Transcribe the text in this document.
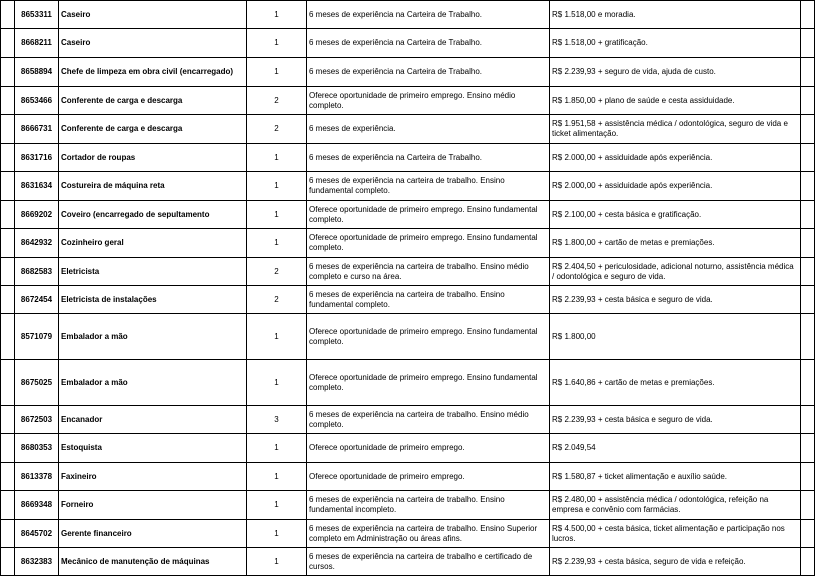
	8653311	Caseiro	1	6 meses de experiência na Carteira de Trabalho.	R$ 1.518,00 e moradia.	
	8668211	Caseiro	1	6 meses de experiência na Carteira de Trabalho.	R$ 1.518,00 + gratificação.	
	8658894	Chefe de limpeza em obra civil (encarregado)	1	6 meses de experiência na Carteira de Trabalho.	R$ 2.239,93 + seguro de vida, ajuda de custo.	
	8653466	Conferente de carga e descarga	2	Oferece oportunidade de primeiro emprego. Ensino médio completo.	R$ 1.850,00 + plano de saúde e cesta assiduidade.	
	8666731	Conferente de carga e descarga	2	6 meses de experiência.	R$ 1.951,58 + assistência médica / odontológica, seguro de vida e ticket alimentação.	
	8631716	Cortador de roupas	1	6 meses de experiência na Carteira de Trabalho.	R$ 2.000,00 + assiduidade após experiência.	
	8631634	Costureira de máquina reta	1	6 meses de experiência na carteira de trabalho. Ensino fundamental completo.	R$ 2.000,00 + assiduidade após experiência.	
	8669202	Coveiro (encarregado de sepultamento	1	Oferece oportunidade de primeiro emprego. Ensino fundamental completo.	R$ 2.100,00 + cesta básica e gratificação.	
	8642932	Cozinheiro geral	1	Oferece oportunidade de primeiro emprego. Ensino fundamental completo.	R$ 1.800,00 + cartão de metas e premiações.	
	8682583	Eletricista	2	6 meses de experiência na carteira de trabalho. Ensino médio completo e curso na área.	R$ 2.404,50 + periculosidade, adicional noturno, assistência médica / odontológica e seguro de vida.	
	8672454	Eletricista de instalações	2	6 meses de experiência na carteira de trabalho. Ensino fundamental completo.	R$ 2.239,93 + cesta básica e seguro de vida.	
	8571079	Embalador a mão	1	Oferece oportunidade de primeiro emprego. Ensino fundamental completo.	R$ 1.800,00	
	8675025	Embalador a mão	1	Oferece oportunidade de primeiro emprego. Ensino fundamental completo.	R$ 1.640,86 + cartão de metas e premiações.	
	8672503	Encanador	3	6 meses de experiência na carteira de trabalho. Ensino médio completo.	R$ 2.239,93 + cesta básica e seguro de vida.	
	8680353	Estoquista	1	Oferece oportunidade de primeiro emprego.	R$ 2.049,54	
	8613378	Faxineiro	1	Oferece oportunidade de primeiro emprego.	R$ 1.580,87 + ticket alimentação e auxílio saúde.	
	8669348	Forneiro	1	6 meses de experiência na carteira de trabalho. Ensino fundamental incompleto.	R$ 2.480,00 + assistência médica / odontológica, refeição na empresa e convênio com farmácias.	
	8645702	Gerente financeiro	1	6 meses de experiência na carteira de trabalho. Ensino Superior completo em Administração ou áreas afins.	R$ 4.500,00 + cesta básica, ticket alimentação e participação nos lucros.	
	8632383	Mecânico de manutenção de máquinas	1	6 meses de experiência na carteira de trabalho e certificado de cursos.	R$ 2.239,93 + cesta básica, seguro de vida e refeição.	
